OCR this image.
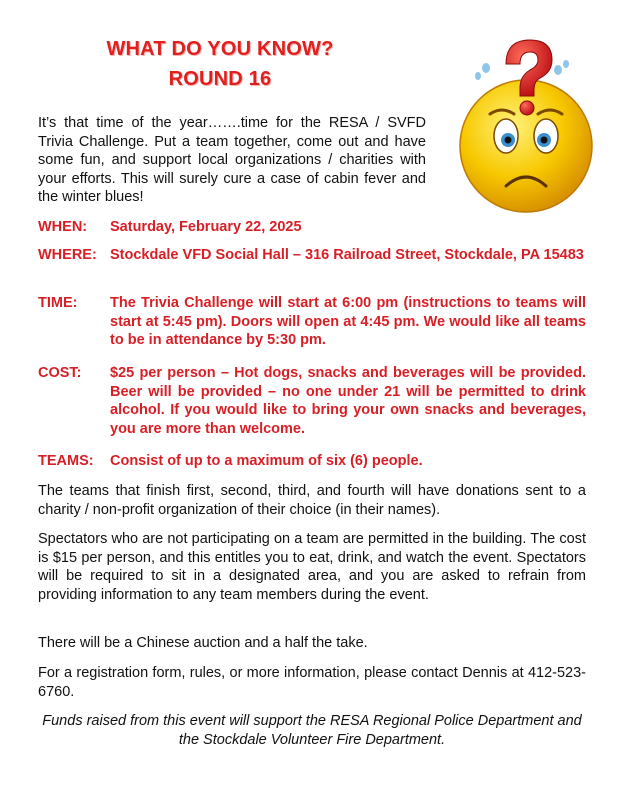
WHAT DO YOU KNOW?
ROUND 16
It’s that time of the year…….time for the RESA / SVFD Trivia Challenge. Put a team together, come out and have some fun, and support local organizations / charities with your efforts. This will surely cure a case of cabin fever and the winter blues!
WHEN:	Saturday, February 22, 2025
WHERE: Stockdale VFD Social Hall – 316 Railroad Street, Stockdale, PA 15483
TIME:	The Trivia Challenge will start at 6:00 pm (instructions to teams will start at 5:45 pm). Doors will open at 4:45 pm. We would like all teams to be in attendance by 5:30 pm.
COST:	$25 per person – Hot dogs, snacks and beverages will be provided. Beer will be provided – no one under 21 will be permitted to drink alcohol. If you would like to bring your own snacks and beverages, you are more than welcome.
TEAMS:	Consist of up to a maximum of six (6) people.
The teams that finish first, second, third, and fourth will have donations sent to a charity / non-profit organization of their choice (in their names).
Spectators who are not participating on a team are permitted in the building. The cost is $15 per person, and this entitles you to eat, drink, and watch the event. Spectators will be required to sit in a designated area, and you are asked to refrain from providing information to any team members during the event.
There will be a Chinese auction and a half the take.
For a registration form, rules, or more information, please contact Dennis at 412-523-6760.
Funds raised from this event will support the RESA Regional Police Department and the Stockdale Volunteer Fire Department.
